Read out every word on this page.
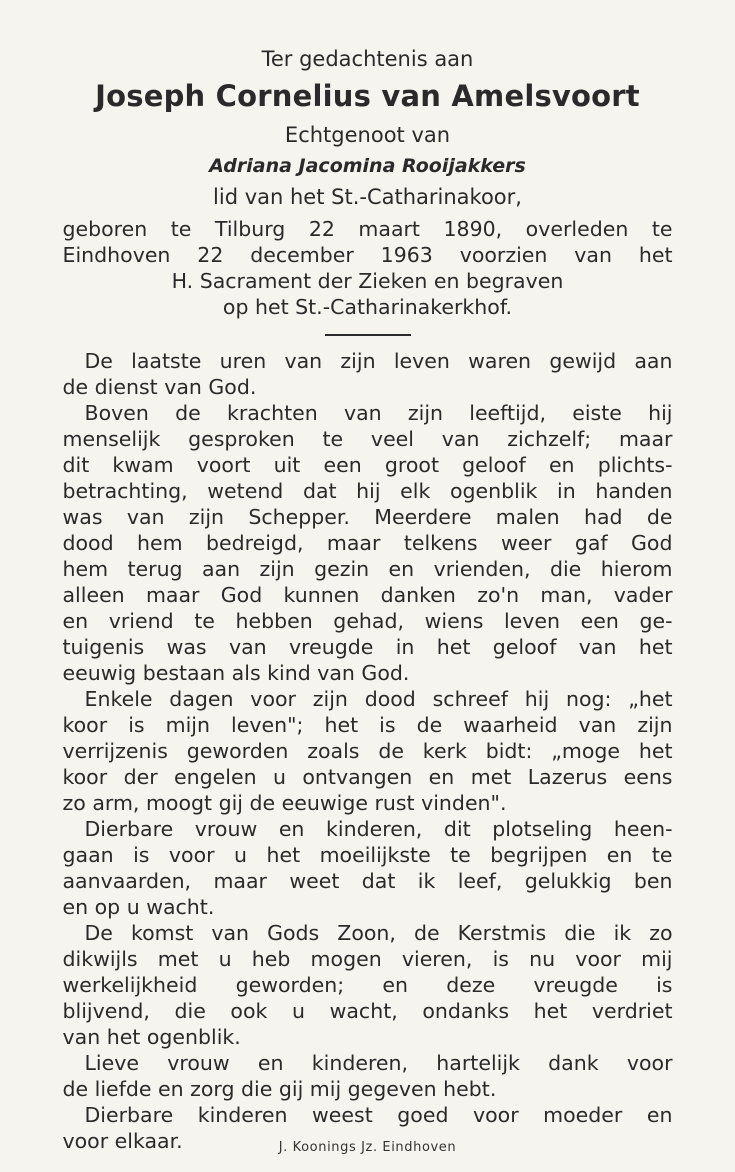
Ter gedachtenis aan

Joseph Cornelius van Amelsvoort

Echtgenoot van

Adriana Jacomina Rooijakkers

lid van het St.-Catharinakoor,

geboren te Tilburg 22 maart 1890, overleden te
Eindhoven 22 december 1963 voorzien van het
H. Sacrament der Zieken en begraven
op het St.-Catharinakerkhof.
De laatste uren van zijn leven waren gewijd aan
de dienst van God.
Boven de krachten van zijn leeftijd, eiste hij
menselijk gesproken te veel van zichzelf; maar
dit kwam voort uit een groot geloof en plichts-
betrachting, wetend dat hij elk ogenblik in handen
was van zijn Schepper. Meerdere malen had de
dood hem bedreigd, maar telkens weer gaf God
hem terug aan zijn gezin en vrienden, die hierom
alleen maar God kunnen danken zo'n man, vader
en vriend te hebben gehad, wiens leven een ge-
tuigenis was van vreugde in het geloof van het
eeuwig bestaan als kind van God.
Enkele dagen voor zijn dood schreef hij nog: „het
koor is mijn leven"; het is de waarheid van zijn
verrijzenis geworden zoals de kerk bidt: „moge het
koor der engelen u ontvangen en met Lazerus eens
zo arm, moogt gij de eeuwige rust vinden".
Dierbare vrouw en kinderen, dit plotseling heen-
gaan is voor u het moeilijkste te begrijpen en te
aanvaarden, maar weet dat ik leef, gelukkig ben
en op u wacht.
De komst van Gods Zoon, de Kerstmis die ik zo
dikwijls met u heb mogen vieren, is nu voor mij
werkelijkheid geworden; en deze vreugde is
blijvend, die ook u wacht, ondanks het verdriet
van het ogenblik.
Lieve vrouw en kinderen, hartelijk dank voor
de liefde en zorg die gij mij gegeven hebt.
Dierbare kinderen weest goed voor moeder en
voor elkaar.	J. Koonings Jz. Eindhoven
